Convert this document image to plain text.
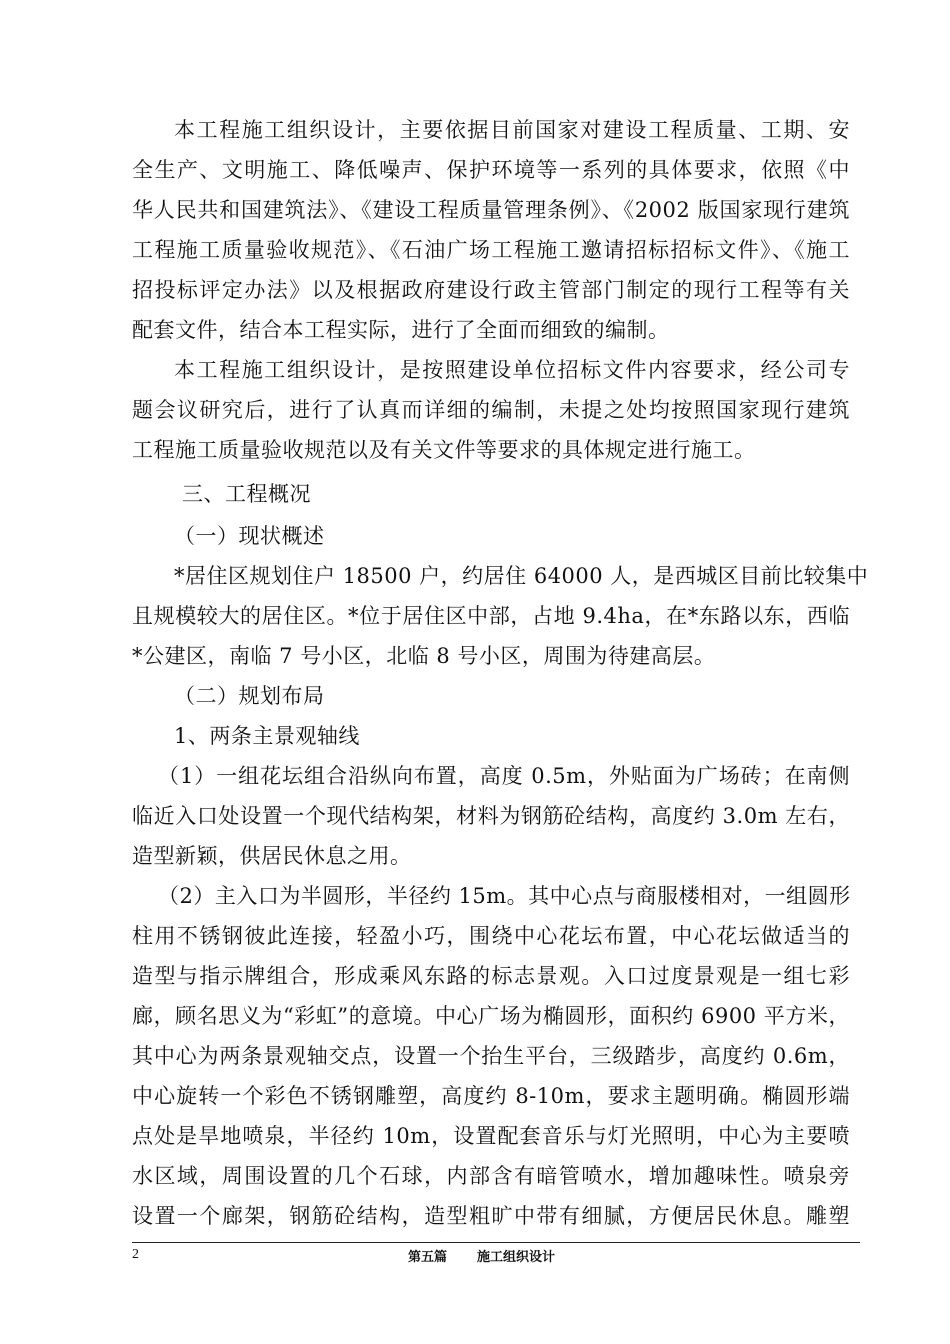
本工程施工组织设计，主要依据目前国家对建设工程质量、工期、安
全生产、文明施工、降低噪声、保护环境等一系列的具体要求，依照《中
华人民共和国建筑法》、《建设工程质量管理条例》、《2002 版国家现行建筑
工程施工质量验收规范》、《石油广场工程施工邀请招标招标文件》、《施工
招投标评定办法》以及根据政府建设行政主管部门制定的现行工程等有关
配套文件，结合本工程实际，进行了全面而细致的编制。
本工程施工组织设计，是按照建设单位招标文件内容要求，经公司专
题会议研究后，进行了认真而详细的编制，未提之处均按照国家现行建筑
工程施工质量验收规范以及有关文件等要求的具体规定进行施工。
三、工程概况
（一）现状概述
*居住区规划住户 18500 户，约居住 64000 人，是西城区目前比较集中
且规模较大的居住区。*位于居住区中部，占地 9.4ha，在*东路以东，西临
*公建区，南临 7 号小区，北临 8 号小区，周围为待建高层。
（二）规划布局
1、两条主景观轴线
（1）一组花坛组合沿纵向布置，高度 0.5m，外贴面为广场砖；在南侧
临近入口处设置一个现代结构架，材料为钢筋砼结构，高度约 3.0m 左右，
造型新颖，供居民休息之用。
（2）主入口为半圆形，半径约 15m。其中心点与商服楼相对，一组圆形
柱用不锈钢彼此连接，轻盈小巧，围绕中心花坛布置，中心花坛做适当的
造型与指示牌组合，形成乘风东路的标志景观。入口过度景观是一组七彩
廊，顾名思义为“彩虹”的意境。中心广场为椭圆形，面积约 6900 平方米，
其中心为两条景观轴交点，设置一个抬生平台，三级踏步，高度约 0.6m，
中心旋转一个彩色不锈钢雕塑，高度约 8-10m，要求主题明确。椭圆形端
点处是旱地喷泉，半径约 10m，设置配套音乐与灯光照明，中心为主要喷
水区域，周围设置的几个石球，内部含有暗管喷水，增加趣味性。喷泉旁
设置一个廊架，钢筋砼结构，造型粗旷中带有细腻，方便居民休息。雕塑
2	第五篇 施工组织设计
